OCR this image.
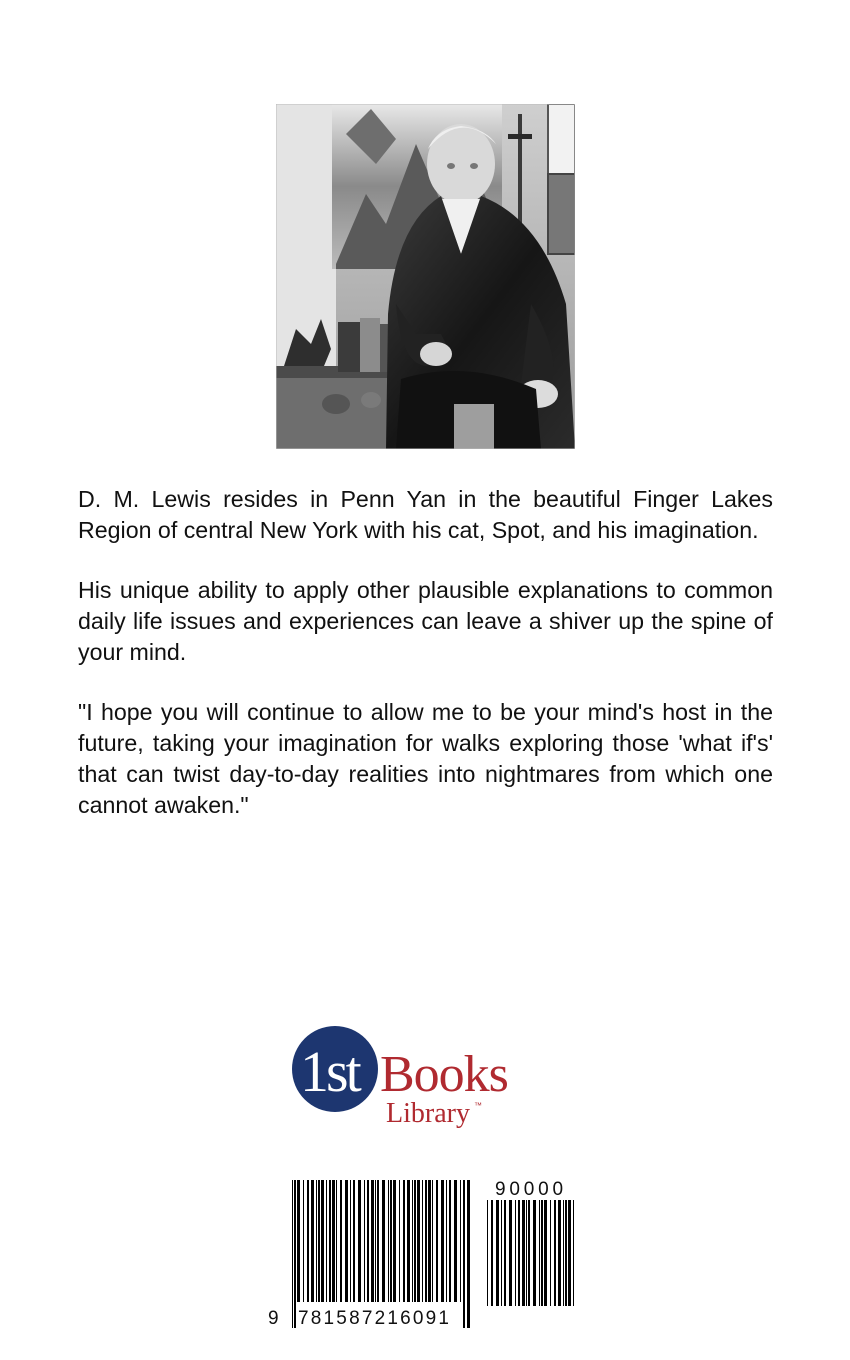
D. M. Lewis resides in Penn Yan in the beautiful Finger Lakes Region of central New York with his cat, Spot, and his imagination.

His unique ability to apply other plausible explanations to common daily life issues and experiences can leave a shiver up the spine of your mind.

"I hope you will continue to allow me to be your mind's host in the future, taking your imagination for walks exploring those 'what if's' that can twist day-to-day realities into nightmares from which one cannot awaken."

1st Books
Library ™
9 781587216091
90000
